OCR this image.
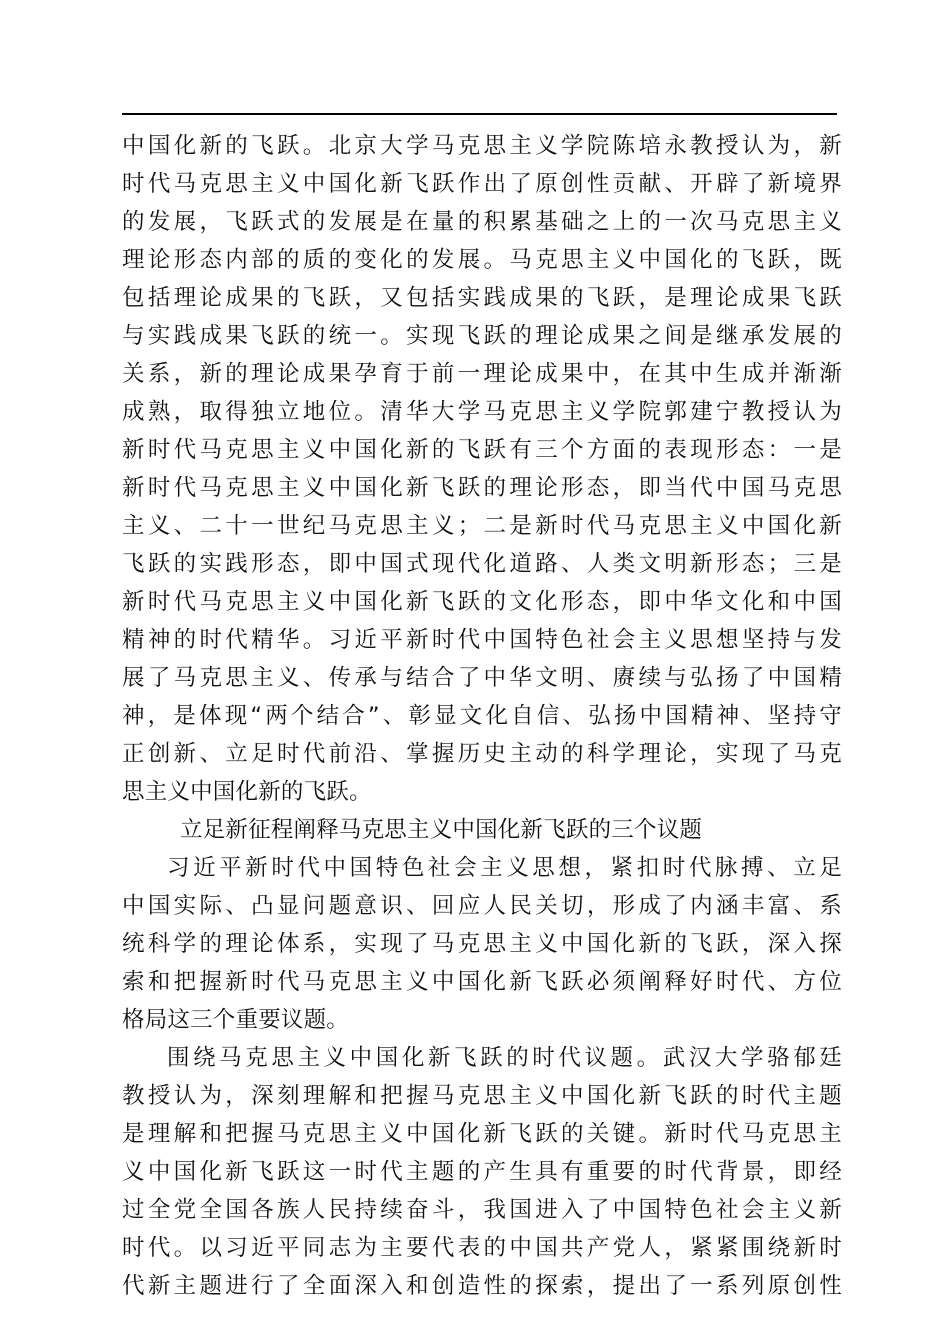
中国化新的飞跃。北京大学马克思主义学院陈培永教授认为，新
时代马克思主义中国化新飞跃作出了原创性贡献、开辟了新境界
的发展，飞跃式的发展是在量的积累基础之上的一次马克思主义
理论形态内部的质的变化的发展。马克思主义中国化的飞跃，既
包括理论成果的飞跃，又包括实践成果的飞跃，是理论成果飞跃
与实践成果飞跃的统一。实现飞跃的理论成果之间是继承发展的
关系，新的理论成果孕育于前一理论成果中，在其中生成并渐渐
成熟，取得独立地位。清华大学马克思主义学院郭建宁教授认为
新时代马克思主义中国化新的飞跃有三个方面的表现形态：一是
新时代马克思主义中国化新飞跃的理论形态，即当代中国马克思
主义、二十一世纪马克思主义；二是新时代马克思主义中国化新
飞跃的实践形态，即中国式现代化道路、人类文明新形态；三是
新时代马克思主义中国化新飞跃的文化形态，即中华文化和中国
精神的时代精华。习近平新时代中国特色社会主义思想坚持与发
展了马克思主义、传承与结合了中华文明、赓续与弘扬了中国精
神，是体现“两个结合”、彰显文化自信、弘扬中国精神、坚持守
正创新、立足时代前沿、掌握历史主动的科学理论，实现了马克
思主义中国化新的飞跃。
立足新征程阐释马克思主义中国化新飞跃的三个议题
习近平新时代中国特色社会主义思想，紧扣时代脉搏、立足
中国实际、凸显问题意识、回应人民关切，形成了内涵丰富、系
统科学的理论体系，实现了马克思主义中国化新的飞跃，深入探
索和把握新时代马克思主义中国化新飞跃必须阐释好时代、方位
格局这三个重要议题。
围绕马克思主义中国化新飞跃的时代议题。武汉大学骆郁廷
教授认为，深刻理解和把握马克思主义中国化新飞跃的时代主题
是理解和把握马克思主义中国化新飞跃的关键。新时代马克思主
义中国化新飞跃这一时代主题的产生具有重要的时代背景，即经
过全党全国各族人民持续奋斗，我国进入了中国特色社会主义新
时代。以习近平同志为主要代表的中国共产党人，紧紧围绕新时
代新主题进行了全面深入和创造性的探索，提出了一系列原创性
